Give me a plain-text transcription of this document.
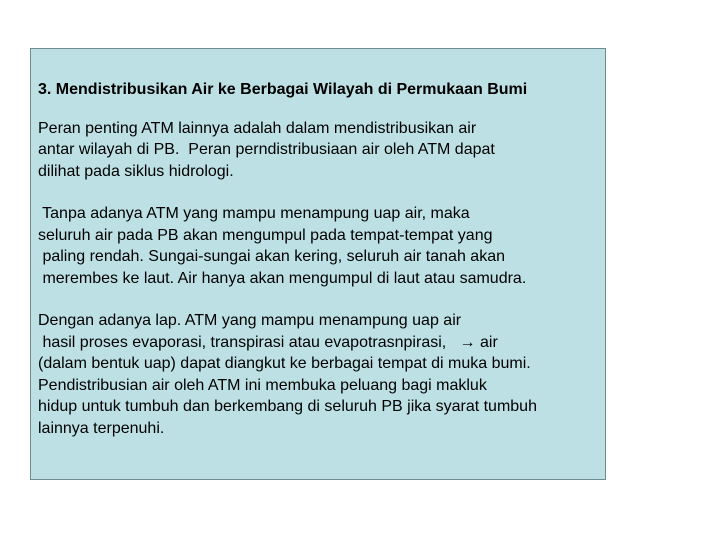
3. Mendistribusikan Air ke Berbagai Wilayah di Permukaan Bumi
Peran penting ATM lainnya adalah dalam mendistribusikan air
antar wilayah di PB.  Peran perndistribusiaan air oleh ATM dapat
dilihat pada siklus hidrologi.
Tanpa adanya ATM yang mampu menampung uap air, maka
seluruh air pada PB akan mengumpul pada tempat-tempat yang
paling rendah. Sungai-sungai akan kering, seluruh air tanah akan
merembes ke laut. Air hanya akan mengumpul di laut atau samudra.
Dengan adanya lap. ATM yang mampu menampung uap air
hasil proses evaporasi, transpirasi atau evapotrasnpirasi,   → air
(dalam bentuk uap) dapat diangkut ke berbagai tempat di muka bumi.
Pendistribusian air oleh ATM ini membuka peluang bagi makluk
hidup untuk tumbuh dan berkembang di seluruh PB jika syarat tumbuh
lainnya terpenuhi.
